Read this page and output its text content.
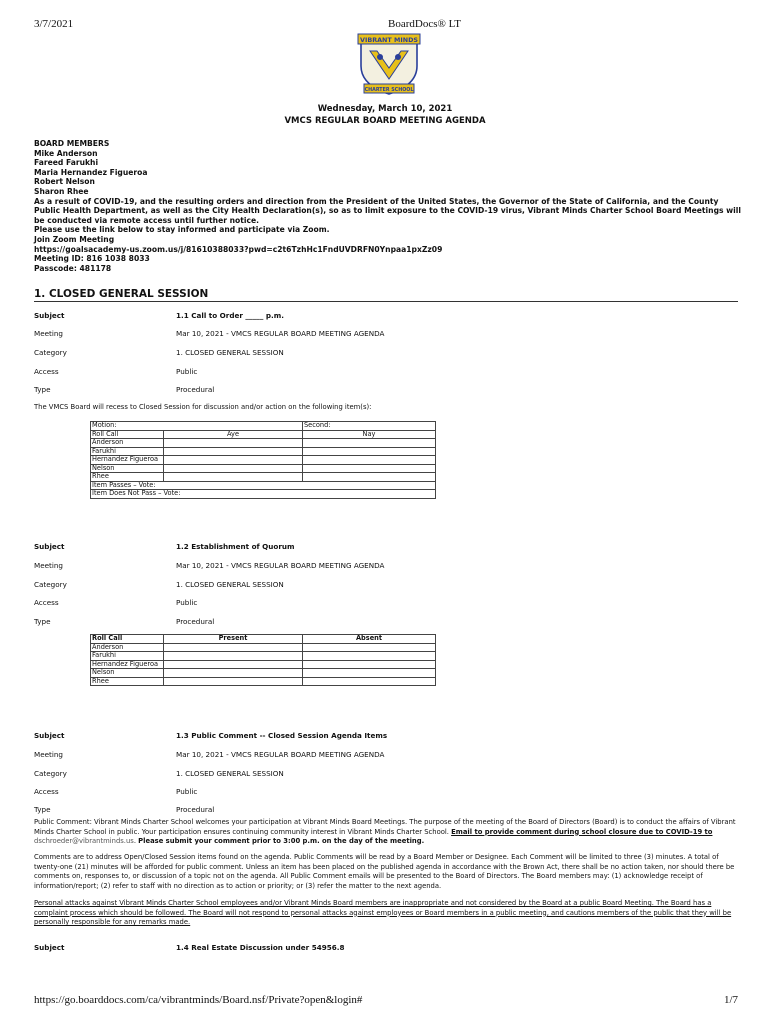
3/7/2021	BoardDocs® LT
VIBRANT MINDS
CHARTER SCHOOL
Wednesday, March 10, 2021
VMCS REGULAR BOARD MEETING AGENDA
BOARD MEMBERS
Mike Anderson
Fareed Farukhi
Maria Hernandez Figueroa
Robert Nelson
Sharon Rhee
As a result of COVID-19, and the resulting orders and direction from the President of the United States, the Governor of the State of California, and the County Public Health Department, as well as the City Health Declaration(s), so as to limit exposure to the COVID-19 virus, Vibrant Minds Charter School Board Meetings will be conducted via remote access until further notice.
Please use the link below to stay informed and participate via Zoom.
Join Zoom Meeting
https://goalsacademy-us.zoom.us/j/81610388033?pwd=c2t6TzhHc1FndUVDRFN0Ynpaa1pxZz09
Meeting ID: 816 1038 8033
Passcode: 481178
1. CLOSED GENERAL SESSION
Subject	1.1 Call to Order _____ p.m.
Meeting	Mar 10, 2021 - VMCS REGULAR BOARD MEETING AGENDA
Category	1. CLOSED GENERAL SESSION
Access	Public
Type	Procedural
The VMCS Board will recess to Closed Session for discussion and/or action on the following item(s):
Motion:		Second:
Roll Call	Aye	Nay
Anderson		
Farukhi		
Hernandez Figueroa		
Nelson		
Rhee		
Item Passes – Vote:		
Item Does Not Pass – Vote:		
Subject	1.2 Establishment of Quorum
Meeting	Mar 10, 2021 - VMCS REGULAR BOARD MEETING AGENDA
Category	1. CLOSED GENERAL SESSION
Access	Public
Type	Procedural
Roll Call	Present	Absent
Anderson		
Farukhi		
Hernandez Figueroa		
Nelson		
Rhee		
Subject	1.3 Public Comment -- Closed Session Agenda Items
Meeting	Mar 10, 2021 - VMCS REGULAR BOARD MEETING AGENDA
Category	1. CLOSED GENERAL SESSION
Access	Public
Type	Procedural
Public Comment: Vibrant Minds Charter School welcomes your participation at Vibrant Minds Board Meetings. The purpose of the meeting of the Board of Directors (Board) is to conduct the affairs of Vibrant Minds Charter School in public. Your participation ensures continuing community interest in Vibrant Minds Charter School. Email to provide comment during school closure due to COVID-19 to dschroeder@vibrantminds.us. Please submit your comment prior to 3:00 p.m. on the day of the meeting.
Comments are to address Open/Closed Session items found on the agenda. Public Comments will be read by a Board Member or Designee. Each Comment will be limited to three (3) minutes. A total of twenty-one (21) minutes will be afforded for public comment. Unless an item has been placed on the published agenda in accordance with the Brown Act, there shall be no action taken, nor should there be comments on, responses to, or discussion of a topic not on the agenda. All Public Comment emails will be presented to the Board of Directors. The Board members may: (1) acknowledge receipt of information/report; (2) refer to staff with no direction as to action or priority; or (3) refer the matter to the next agenda.
Personal attacks against Vibrant Minds Charter School employees and/or Vibrant Minds Board members are inappropriate and not considered by the Board at a public Board Meeting. The Board has a complaint process which should be followed. The Board will not respond to personal attacks against employees or Board members in a public meeting, and cautions members of the public that they will be personally responsible for any remarks made.
Subject	1.4 Real Estate Discussion under 54956.8
https://go.boarddocs.com/ca/vibrantminds/Board.nsf/Private?open&login#	1/7
